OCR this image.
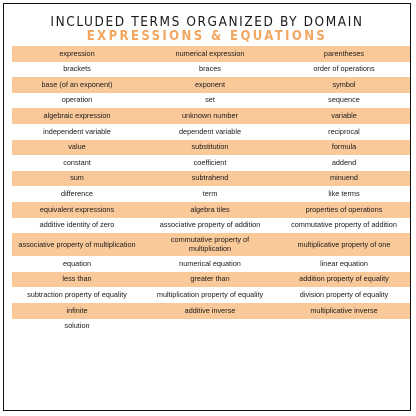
INCLUDED TERMS ORGANIZED BY DOMAIN
EXPRESSIONS & EQUATIONS
expression	numerical expression	parentheses
brackets	braces	order of operations
base (of an exponent)	exponent	symbol
operation	set	sequence
algebraic expression	unknown number	variable
independent variable	dependent variable	reciprocal
value	substitution	formula
constant	coefficient	addend
sum	subtrahend	minuend
difference	term	like terms
equivalent expressions	algebra tiles	properties of operations
additive identity of zero	associative property of addition	commutative property of addition
associative property of multiplication	commutative property of multiplication	multiplicative property of one
equation	numerical equation	linear equation
less than	greater than	addition property of equality
subtraction property of equality	multiplication property of equality	division property of equality
infinite	additive inverse	multiplicative inverse
solution
